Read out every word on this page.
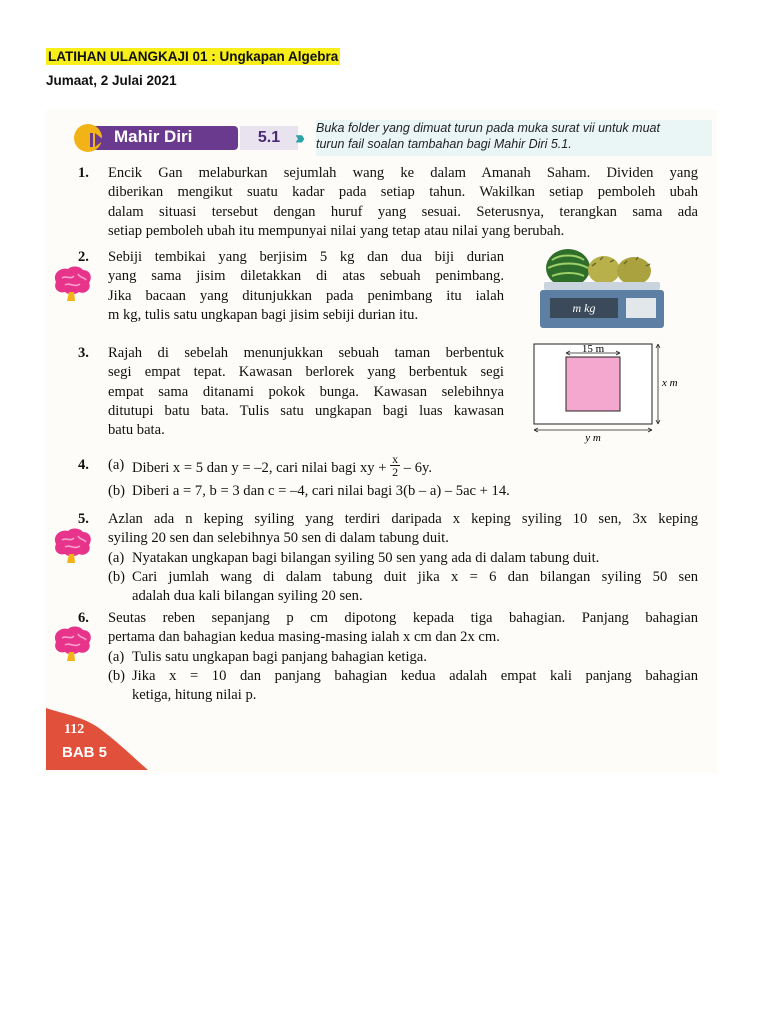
LATIHAN ULANGKAJI 01 : Ungkapan Algebra
Jumaat, 2 Julai 2021
Mahir Diri	5.1 ››› Buka folder yang dimuat turun pada muka surat vii untuk muat
turun fail soalan tambahan bagi Mahir Diri 5.1.
1. Encik Gan melaburkan sejumlah wang ke dalam Amanah Saham. Dividen yang
diberikan mengikut suatu kadar pada setiap tahun. Wakilkan setiap pemboleh ubah
dalam situasi tersebut dengan huruf yang sesuai. Seterusnya, terangkan sama ada
setiap pemboleh ubah itu mempunyai nilai yang tetap atau nilai yang berubah.
2. Sebiji tembikai yang berjisim 5 kg dan dua biji durian
yang sama jisim diletakkan di atas sebuah penimbang.
Jika bacaan yang ditunjukkan pada penimbang itu ialah
m kg, tulis satu ungkapan bagi jisim sebiji durian itu.	m kg
3. Rajah di sebelah menunjukkan sebuah taman berbentuk
segi empat tepat. Kawasan berlorek yang berbentuk segi
empat sama ditanami pokok bunga. Kawasan selebihnya
ditutupi batu bata. Tulis satu ungkapan bagi luas kawasan
batu bata.
15 m
x m
y m
4. (a) Diberi x = 5 dan y = –2, cari nilai bagi xy + $\frac{x}{2} - 6y$.
(b) Diberi a = 7, b = 3 dan c = –4, cari nilai bagi 3(b – a) – 5ac + 14.
5. Azlan ada n keping syiling yang terdiri daripada x keping syiling 10 sen, 3x keping
syiling 20 sen dan selebihnya 50 sen di dalam tabung duit.
(a) Nyatakan ungkapan bagi bilangan syiling 50 sen yang ada di dalam tabung duit.
(b) Cari jumlah wang di dalam tabung duit jika x = 6 dan bilangan syiling 50 sen
adalah dua kali bilangan syiling 20 sen.
6. Seutas reben sepanjang p cm dipotong kepada tiga bahagian. Panjang bahagian
pertama dan bahagian kedua masing-masing ialah x cm dan 2x cm.
(a) Tulis satu ungkapan bagi panjang bahagian ketiga.
(b) Jika x = 10 dan panjang bahagian kedua adalah empat kali panjang bahagian
ketiga, hitung nilai p.
112
BAB 5
